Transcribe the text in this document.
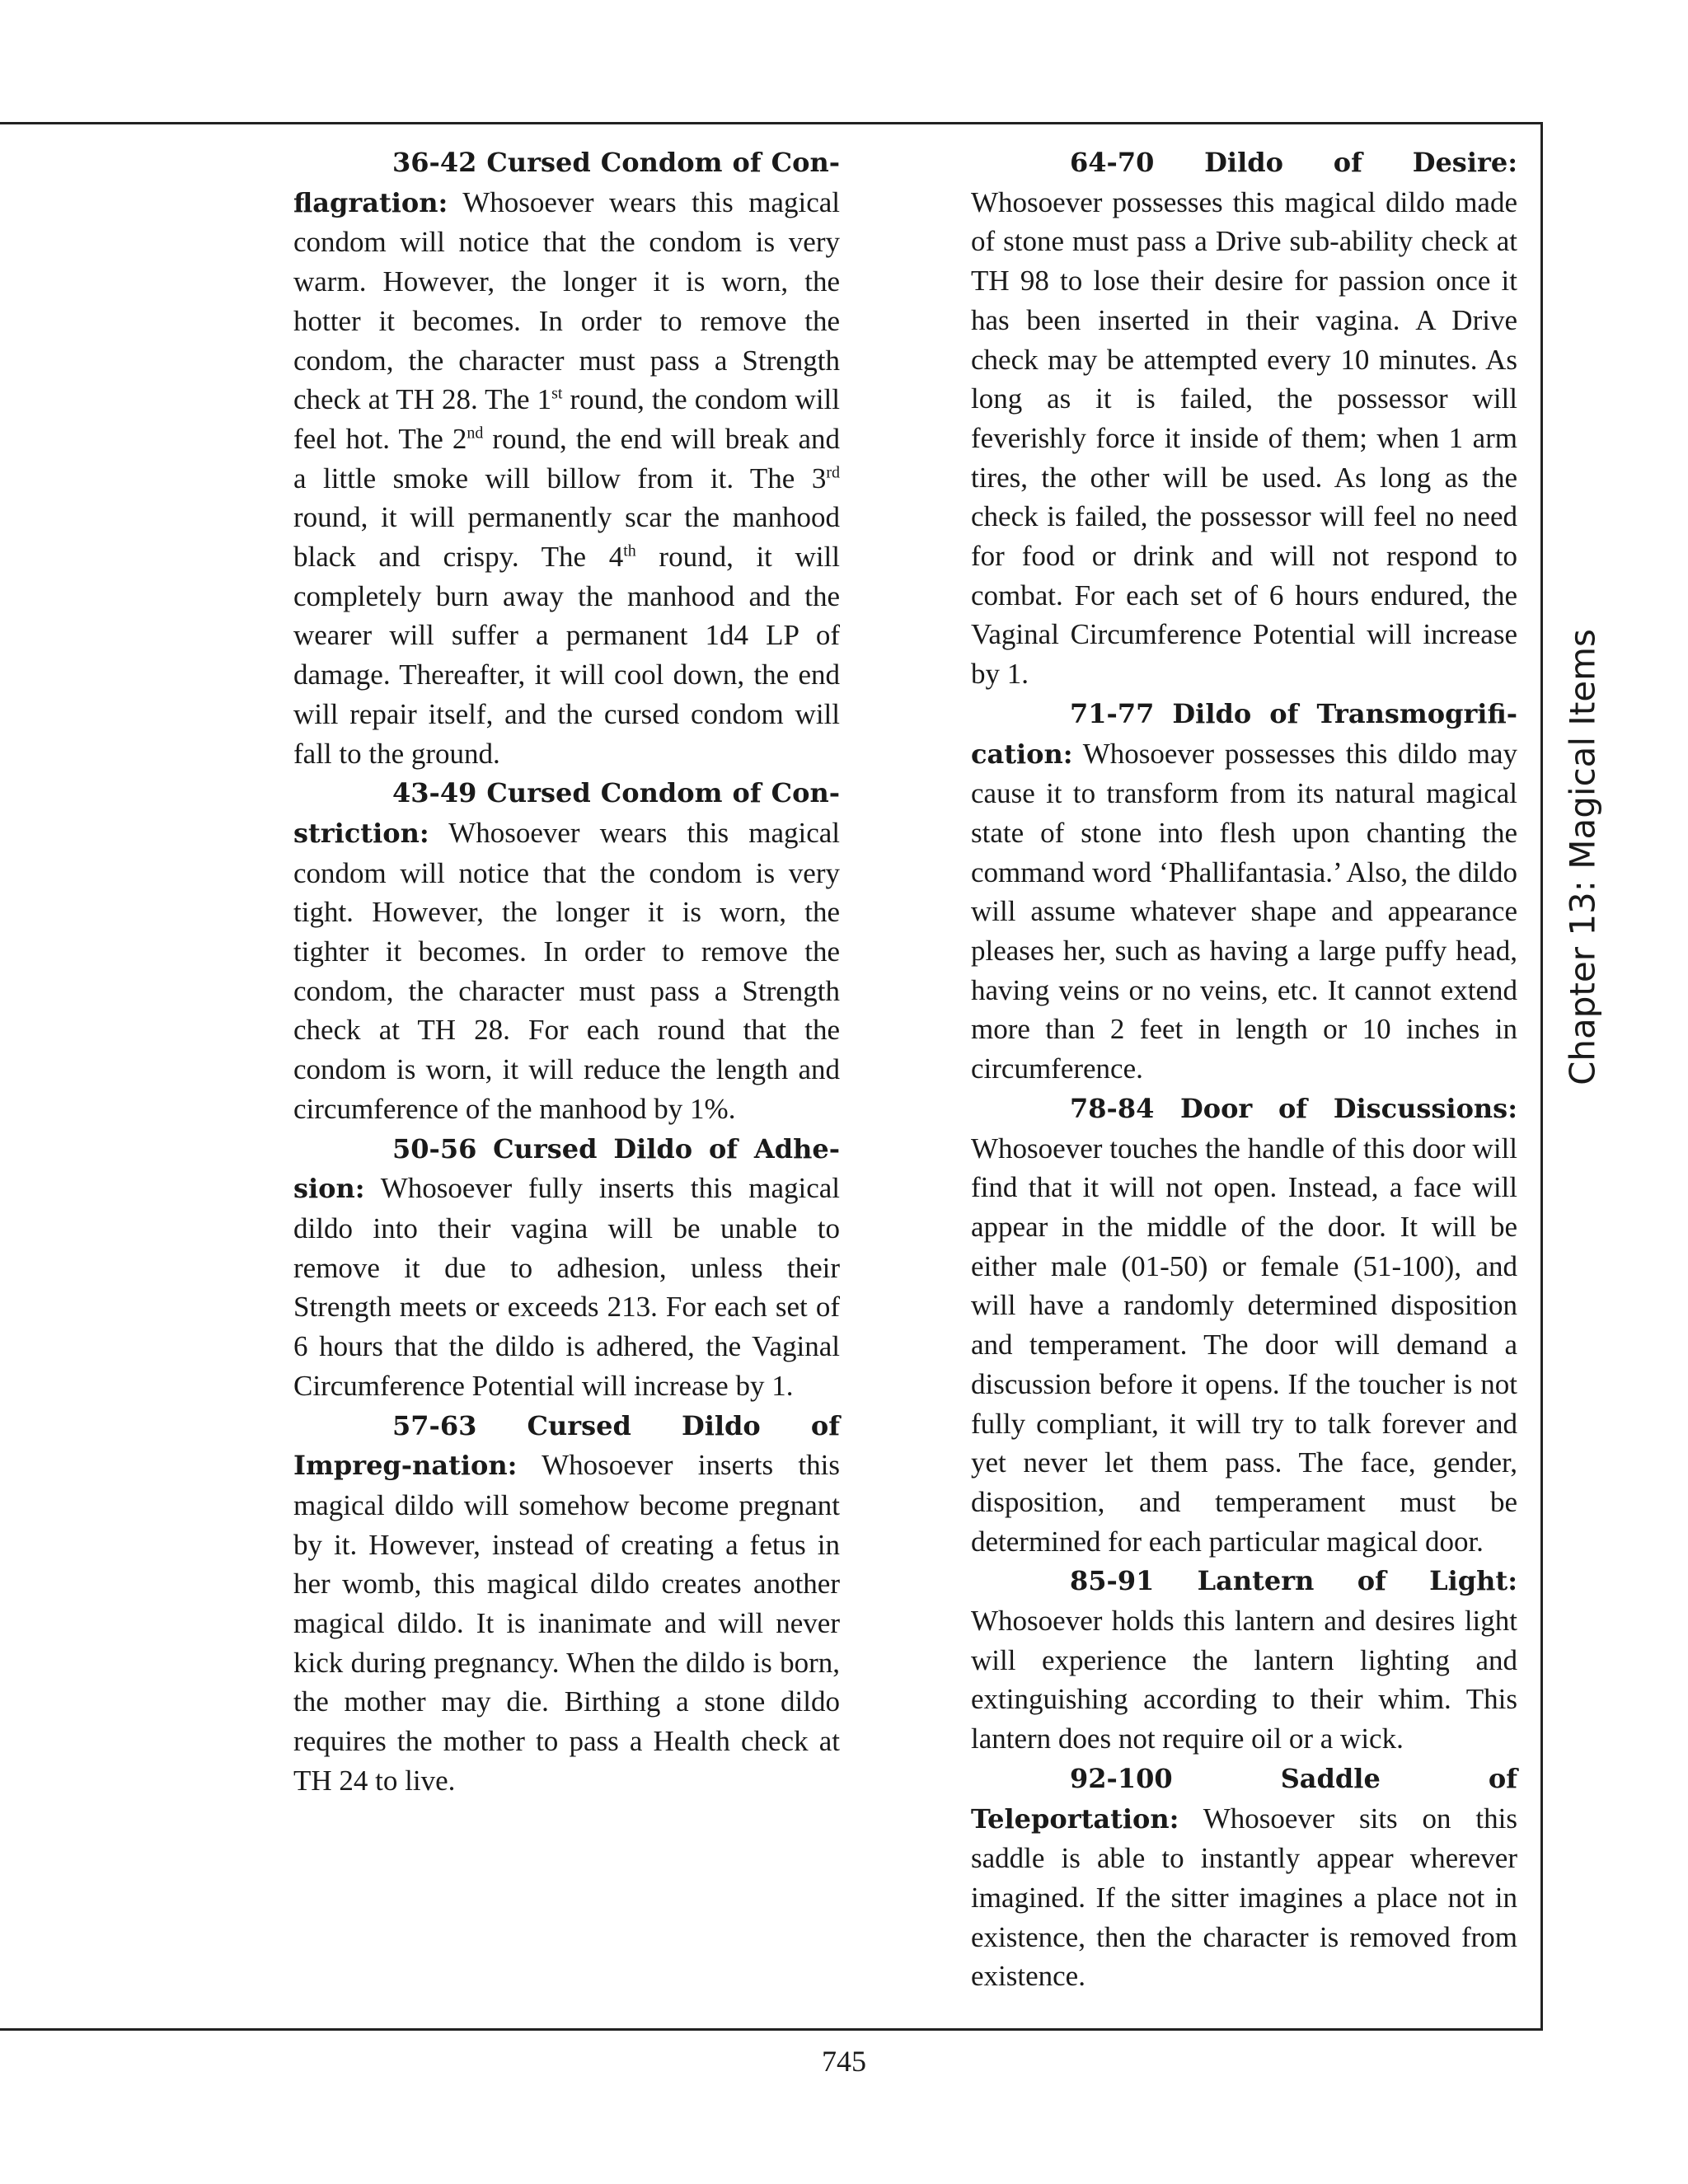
36-42 Cursed Condom of Con-flagration: Whosoever wears this magical condom will notice that the condom is very warm. However, the longer it is worn, the hotter it becomes. In order to remove the condom, the character must pass a Strength check at TH 28. The 1st round, the condom will feel hot. The 2nd round, the end will break and a little smoke will billow from it. The 3rd round, it will permanently scar the manhood black and crispy. The 4th round, it will completely burn away the manhood and the wearer will suffer a permanent 1d4 LP of damage. Thereafter, it will cool down, the end will repair itself, and the cursed condom will fall to the ground.

43-49 Cursed Condom of Con-striction: Whosoever wears this magical condom will notice that the condom is very tight. However, the longer it is worn, the tighter it becomes. In order to remove the condom, the character must pass a Strength check at TH 28. For each round that the condom is worn, it will reduce the length and circumference of the manhood by 1%.

50-56 Cursed Dildo of Adhe-sion: Whosoever fully inserts this magical dildo into their vagina will be unable to remove it due to adhesion, unless their Strength meets or exceeds 213. For each set of 6 hours that the dildo is adhered, the Vaginal Circumference Potential will increase by 1.

57-63 Cursed Dildo of Impreg-nation: Whosoever inserts this magical dildo will somehow become pregnant by it. However, instead of creating a fetus in her womb, this magical dildo creates another magical dildo. It is inanimate and will never kick during pregnancy. When the dildo is born, the mother may die. Birthing a stone dildo requires the mother to pass a Health check at TH 24 to live.

64-70 Dildo of Desire: Whosoever possesses this magical dildo made of stone must pass a Drive sub-ability check at TH 98 to lose their desire for passion once it has been inserted in their vagina. A Drive check may be attempted every 10 minutes. As long as it is failed, the possessor will feverishly force it inside of them; when 1 arm tires, the other will be used. As long as the check is failed, the possessor will feel no need for food or drink and will not respond to combat. For each set of 6 hours endured, the Vaginal Circumference Potential will increase by 1.

71-77 Dildo of Transmogrifi-cation: Whosoever possesses this dildo may cause it to transform from its natural magical state of stone into flesh upon chanting the command word ‘Phallifantasia.’ Also, the dildo will assume whatever shape and appearance pleases her, such as having a large puffy head, having veins or no veins, etc. It cannot extend more than 2 feet in length or 10 inches in circumference.

78-84 Door of Discussions: Whosoever touches the handle of this door will find that it will not open. Instead, a face will appear in the middle of the door. It will be either male (01-50) or female (51-100), and will have a randomly determined disposition and temperament. The door will demand a discussion before it opens. If the toucher is not fully compliant, it will try to talk forever and yet never let them pass. The face, gender, disposition, and temperament must be determined for each particular magical door.

85-91 Lantern of Light: Whosoever holds this lantern and desires light will experience the lantern lighting and extinguishing according to their whim. This lantern does not require oil or a wick.

92-100 Saddle of Teleportation: Whosoever sits on this saddle is able to instantly appear wherever imagined. If the sitter imagines a place not in existence, then the character is removed from existence.

Chapter 13: Magical Items
745
